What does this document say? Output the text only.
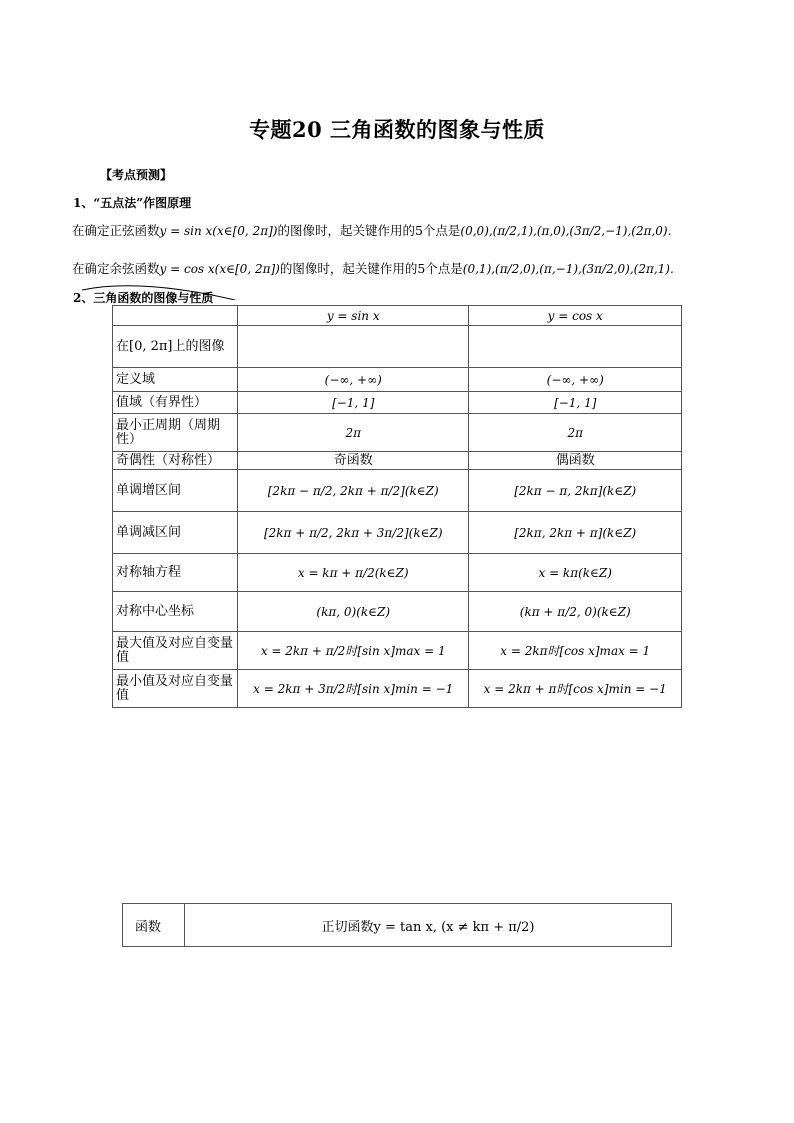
专题20 三角函数的图象与性质
【考点预测】
1、“五点法”作图原理
在确定正弦函数y = sin x(x∈[0, 2π])的图像时，起关键作用的5个点是(0,0),(π/2,1),(π,0),(3π/2,−1),(2π,0).
在确定余弦函数y = cos x(x∈[0, 2π])的图像时，起关键作用的5个点是(0,1),(π/2,0),(π,−1),(3π/2,0),(2π,1).
2、三角函数的图像与性质
	y = sin x	y = cos x
在[0, 2π]上的图像		
定义域	(−∞, +∞)	(−∞, +∞)
值域（有界性）	[−1, 1]	[−1, 1]
最小正周期（周期性）	2π	2π
奇偶性（对称性）	奇函数	偶函数
单调增区间	[2kπ − π/2, 2kπ + π/2](k∈Z)	[2kπ − π, 2kπ](k∈Z)
单调减区间	[2kπ + π/2, 2kπ + 3π/2](k∈Z)	[2kπ, 2kπ + π](k∈Z)
对称轴方程	x = kπ + π/2(k∈Z)	x = kπ(k∈Z)
对称中心坐标	(kπ, 0)(k∈Z)	(kπ + π/2, 0)(k∈Z)
最大值及对应自变量值	x = 2kπ + π/2时[sin x]max = 1	x = 2kπ时[cos x]max = 1
最小值及对应自变量值	x = 2kπ + 3π/2时[sin x]min = −1	x = 2kπ + π时[cos x]min = −1
函数	正切函数y = tan x, (x ≠ kπ + π/2)
